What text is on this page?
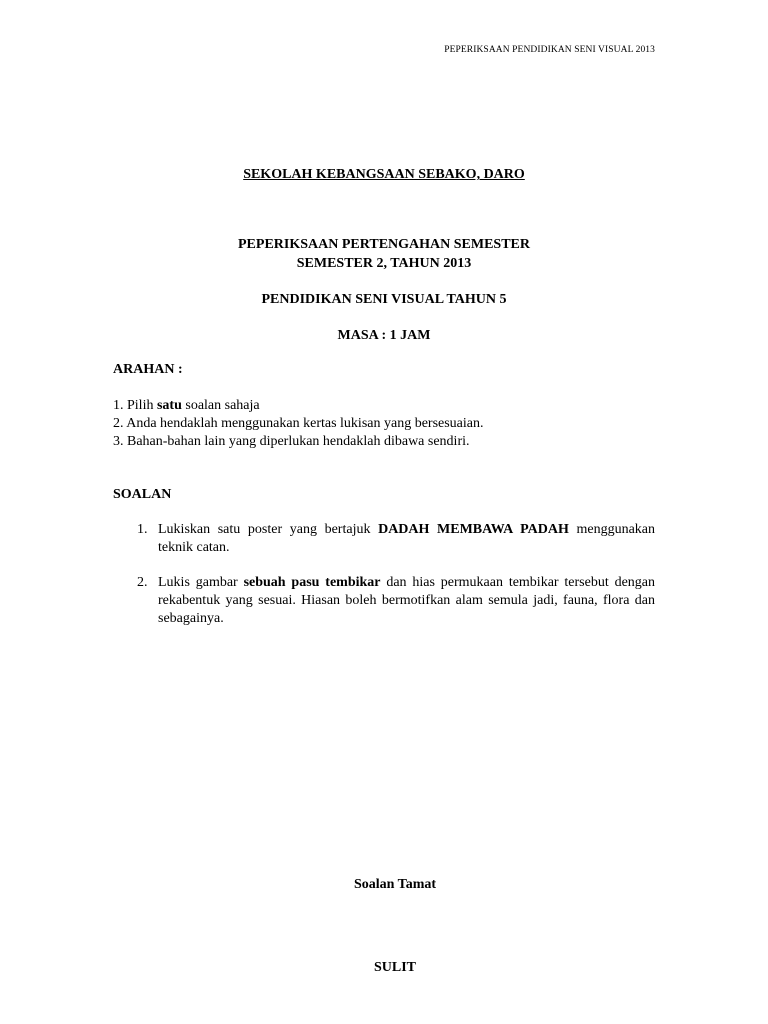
PEPERIKSAAN PENDIDIKAN SENI VISUAL 2013
SEKOLAH KEBANGSAAN SEBAKO, DARO
PEPERIKSAAN PERTENGAHAN SEMESTER
SEMESTER 2, TAHUN 2013
PENDIDIKAN SENI VISUAL TAHUN 5
MASA : 1 JAM
ARAHAN :
1. Pilih satu soalan sahaja
2. Anda hendaklah menggunakan kertas lukisan yang bersesuaian.
3. Bahan-bahan lain yang diperlukan hendaklah dibawa sendiri.
SOALAN
1. Lukiskan satu poster yang bertajuk DADAH MEMBAWA PADAH menggunakan teknik catan.
2. Lukis gambar sebuah pasu tembikar dan hias permukaan tembikar tersebut dengan rekabentuk yang sesuai. Hiasan boleh bermotifkan alam semula jadi, fauna, flora dan sebagainya.
Soalan Tamat
SULIT
